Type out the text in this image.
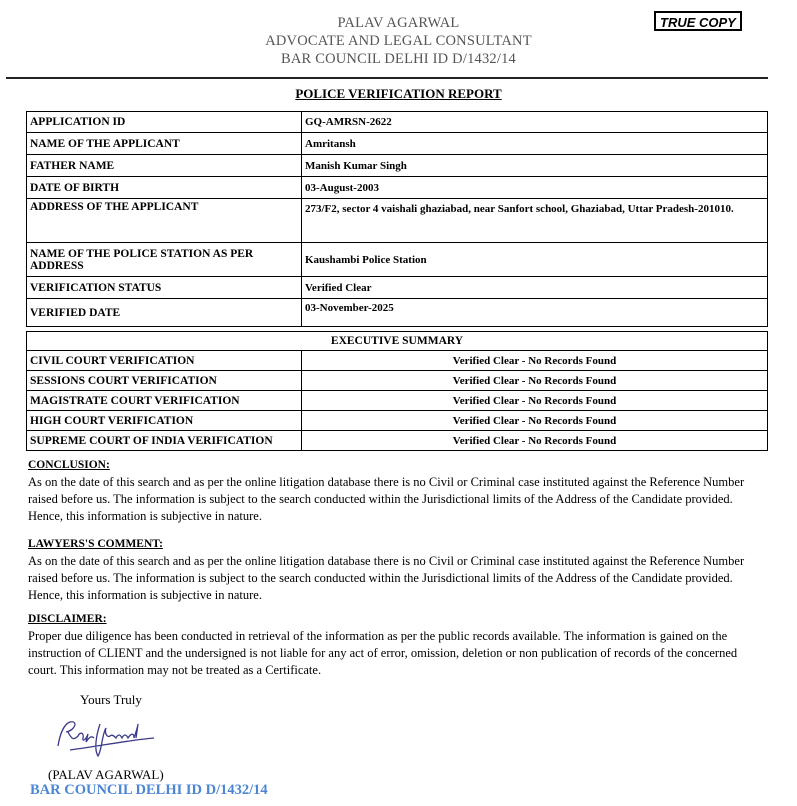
PALAV AGARWAL
ADVOCATE AND LEGAL CONSULTANT
BAR COUNCIL DELHI ID D/1432/14
TRUE COPY
POLICE VERIFICATION REPORT
APPLICATION ID	GQ-AMRSN-2622
NAME OF THE APPLICANT	Amritansh
FATHER NAME	Manish Kumar Singh
DATE OF BIRTH	03-August-2003
ADDRESS OF THE APPLICANT	273/F2, sector 4 vaishali ghaziabad, near Sanfort school, Ghaziabad, Uttar Pradesh-201010.
NAME OF THE POLICE STATION AS PER ADDRESS	Kaushambi Police Station
VERIFICATION STATUS	Verified Clear
VERIFIED DATE	03-November-2025
EXECUTIVE SUMMARY	
CIVIL COURT VERIFICATION	Verified Clear - No Records Found
SESSIONS COURT VERIFICATION	Verified Clear - No Records Found
MAGISTRATE COURT VERIFICATION	Verified Clear - No Records Found
HIGH COURT VERIFICATION	Verified Clear - No Records Found
SUPREME COURT OF INDIA VERIFICATION	Verified Clear - No Records Found
CONCLUSION:
As on the date of this search and as per the online litigation database there is no Civil or Criminal case instituted against the Reference Number raised before us. The information is subject to the search conducted within the Jurisdictional limits of the Address of the Candidate provided. Hence, this information is subjective in nature.
LAWYERS'S COMMENT:
As on the date of this search and as per the online litigation database there is no Civil or Criminal case instituted against the Reference Number raised before us. The information is subject to the search conducted within the Jurisdictional limits of the Address of the Candidate provided. Hence, this information is subjective in nature.
DISCLAIMER:
Proper due diligence has been conducted in retrieval of the information as per the public records available. The information is gained on the instruction of CLIENT and the undersigned is not liable for any act of error, omission, deletion or non publication of records of the concerned court. This information may not be treated as a Certificate.
Yours Truly
(PALAV AGARWAL)
BAR COUNCIL DELHI ID D/1432/14
